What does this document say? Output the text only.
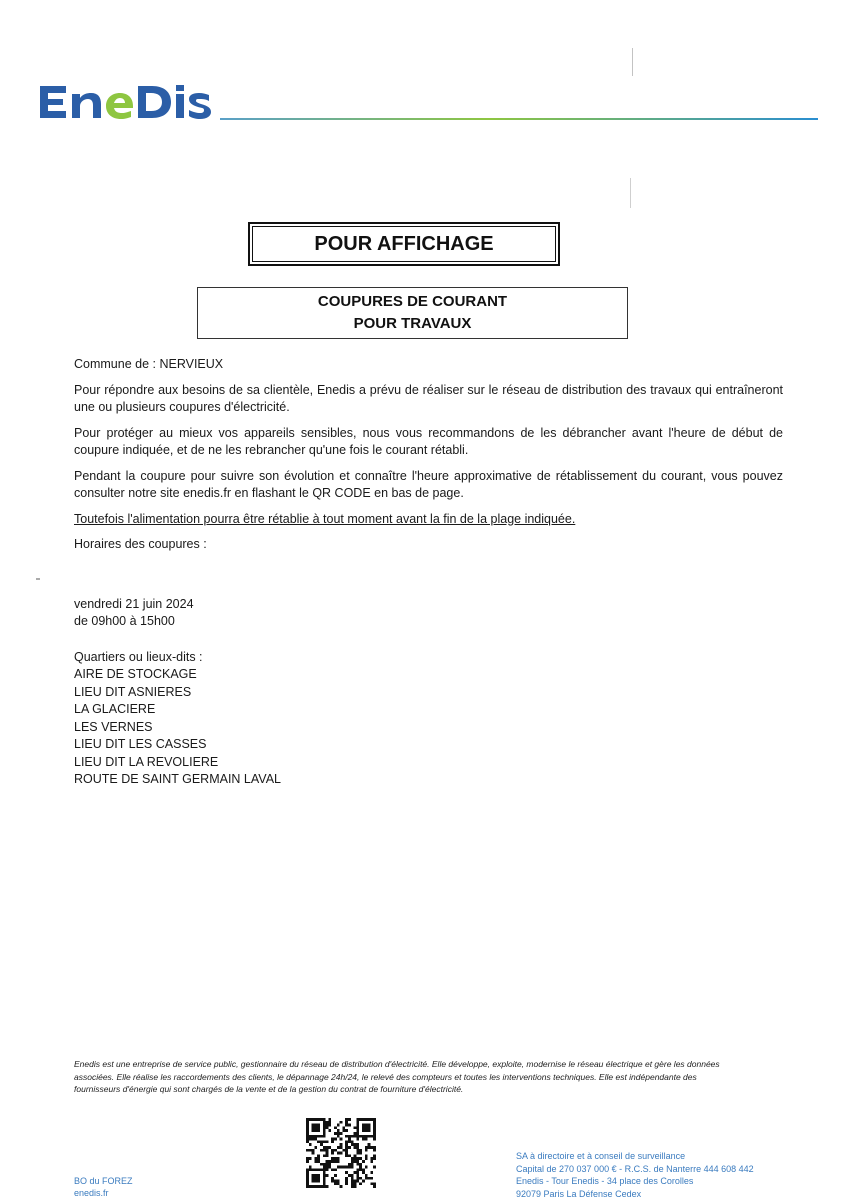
POUR AFFICHAGE
COUPURES DE COURANT
POUR TRAVAUX

Commune de : NERVIEUX

Pour répondre aux besoins de sa clientèle, Enedis a prévu de réaliser sur le réseau de distribution des travaux qui entraîneront une ou plusieurs coupures d'électricité.

Pour protéger au mieux vos appareils sensibles, nous vous recommandons de les débrancher avant l'heure de début de coupure indiquée, et de ne les rebrancher qu'une fois le courant rétabli.

Pendant la coupure pour suivre son évolution et connaître l'heure approximative de rétablissement du courant, vous pouvez consulter notre site enedis.fr en flashant le QR CODE en bas de page.

Toutefois l'alimentation pourra être rétablie à tout moment avant la fin de la plage indiquée.

Horaires des coupures :

vendredi 21 juin 2024
de 09h00 à 15h00
Quartiers ou lieux-dits :
AIRE DE STOCKAGE
LIEU DIT ASNIERES
LA GLACIERE
LES VERNES
LIEU DIT LES CASSES
LIEU DIT LA REVOLIERE
ROUTE DE SAINT GERMAIN LAVAL
Enedis est une entreprise de service public, gestionnaire du réseau de distribution d'électricité. Elle développe, exploite, modernise le réseau électrique et gère les données
associées. Elle réalise les raccordements des clients, le dépannage 24h/24, le relevé des compteurs et toutes les interventions techniques. Elle est indépendante des
fournisseurs d'énergie qui sont chargés de la vente et de la gestion du contrat de fourniture d'électricité.
BO du FOREZ
enedis.fr
SA à directoire et à conseil de surveillance
Capital de 270 037 000 € - R.C.S. de Nanterre 444 608 442
Enedis - Tour Enedis - 34 place des Corolles
92079 Paris La Défense Cedex
